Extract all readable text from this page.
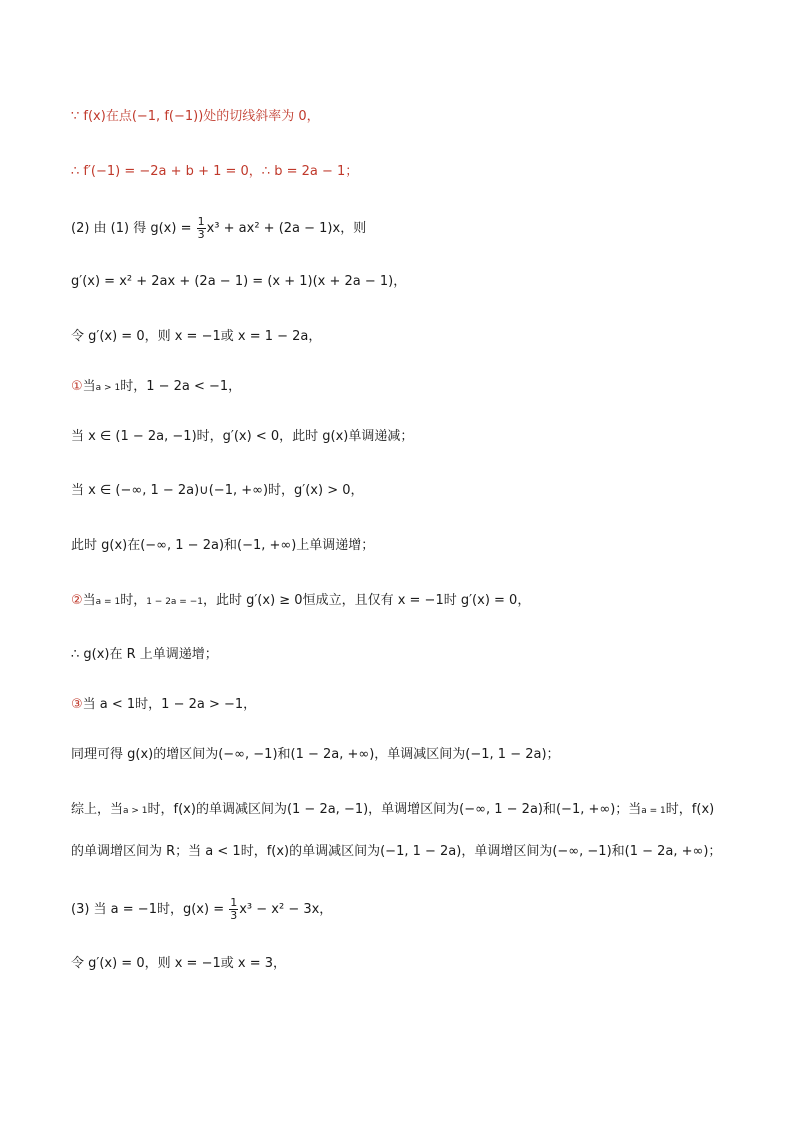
∵ f(x)在点(−1, f(−1))处的切线斜率为 0，
∴ f′(−1) = −2a + b + 1 = 0，∴ b = 2a − 1；
(2) 由 (1) 得 $g(x) = \frac{1}{3} x^3 + ax^2 + (2a - 1)x$，则
g′(x) = x² + 2ax + (2a − 1) = (x + 1)(x + 2a − 1)，
令 g′(x) = 0，则 x = −1或 x = 1 − 2a，
①当a > 1时，1 − 2a < −1，
当 x ∈ (1 − 2a, −1)时，g′(x) < 0，此时 g(x)单调递减；
当 x ∈ (−∞, 1 − 2a)∪(−1, +∞)时，g′(x) > 0，
此时 g(x)在(−∞, 1 − 2a)和(−1, +∞)上单调递增；
②当a = 1时，1 − 2a = −1，此时 g′(x) ≥ 0恒成立，且仅有 x = −1时 g′(x) = 0，
∴ g(x)在 R 上单调递增；
③当 a < 1时，1 − 2a > −1，
同理可得 g(x)的增区间为(−∞, −1)和(1 − 2a, +∞)，单调减区间为(−1, 1 − 2a)；
综上，当a > 1时，f(x)的单调减区间为(1 − 2a, −1)，单调增区间为(−∞, 1 − 2a)和(−1, +∞)；当a = 1时，f(x)
的单调增区间为 R；当 a < 1时，f(x)的单调减区间为(−1, 1 − 2a)，单调增区间为(−∞, −1)和(1 − 2a, +∞)；
(3) 当 a = −1时，$g(x) = \frac{1}{3} x^3 - x^2 - 3x$，
令 g′(x) = 0，则 x = −1或 x = 3，
